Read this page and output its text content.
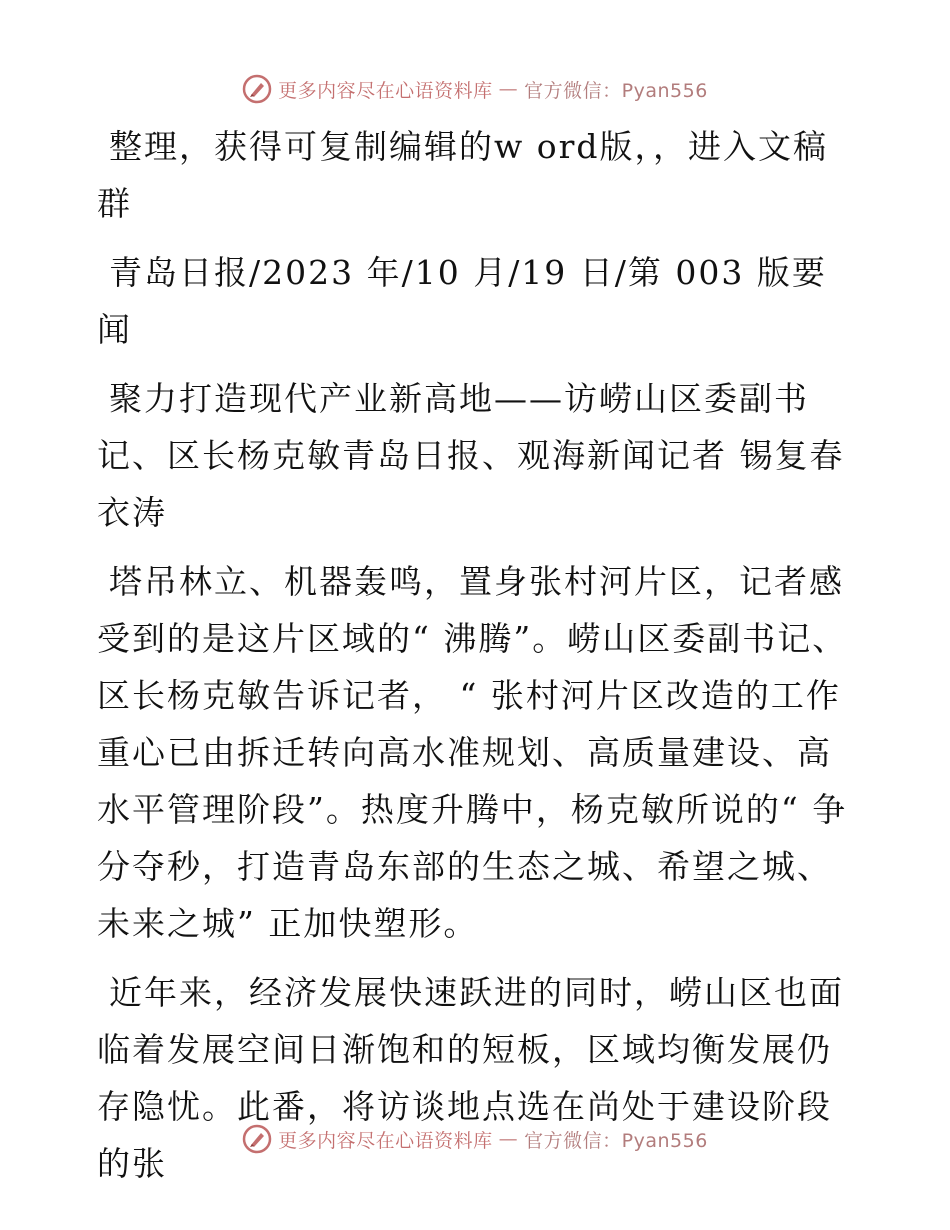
更多内容尽在心语资料库 — 官方微信：Pyan556

整理，获得可复制编辑的w ord版，，进入文稿群

青岛日报/2023 年/10 月/19 日/第 003 版要闻

聚力打造现代产业新高地——访崂山区委副书记、区长杨克敏青岛日报、观海新闻记者 锡复春衣涛

塔吊林立、机器轰鸣，置身张村河片区，记者感受到的是这片区域的“ 沸腾”。崂山区委副书记、区长杨克敏告诉记者， “ 张村河片区改造的工作重心已由拆迁转向高水准规划、高质量建设、高水平管理阶段”。热度升腾中，杨克敏所说的“ 争分夺秒，打造青岛东部的生态之城、希望之城、未来之城” 正加快塑形。

近年来，经济发展快速跃进的同时，崂山区也面临着发展空间日渐饱和的短板，区域均衡发展仍存隐忧。此番，将访谈地点选在尚处于建设阶段的张

更多内容尽在心语资料库 — 官方微信：Pyan556
